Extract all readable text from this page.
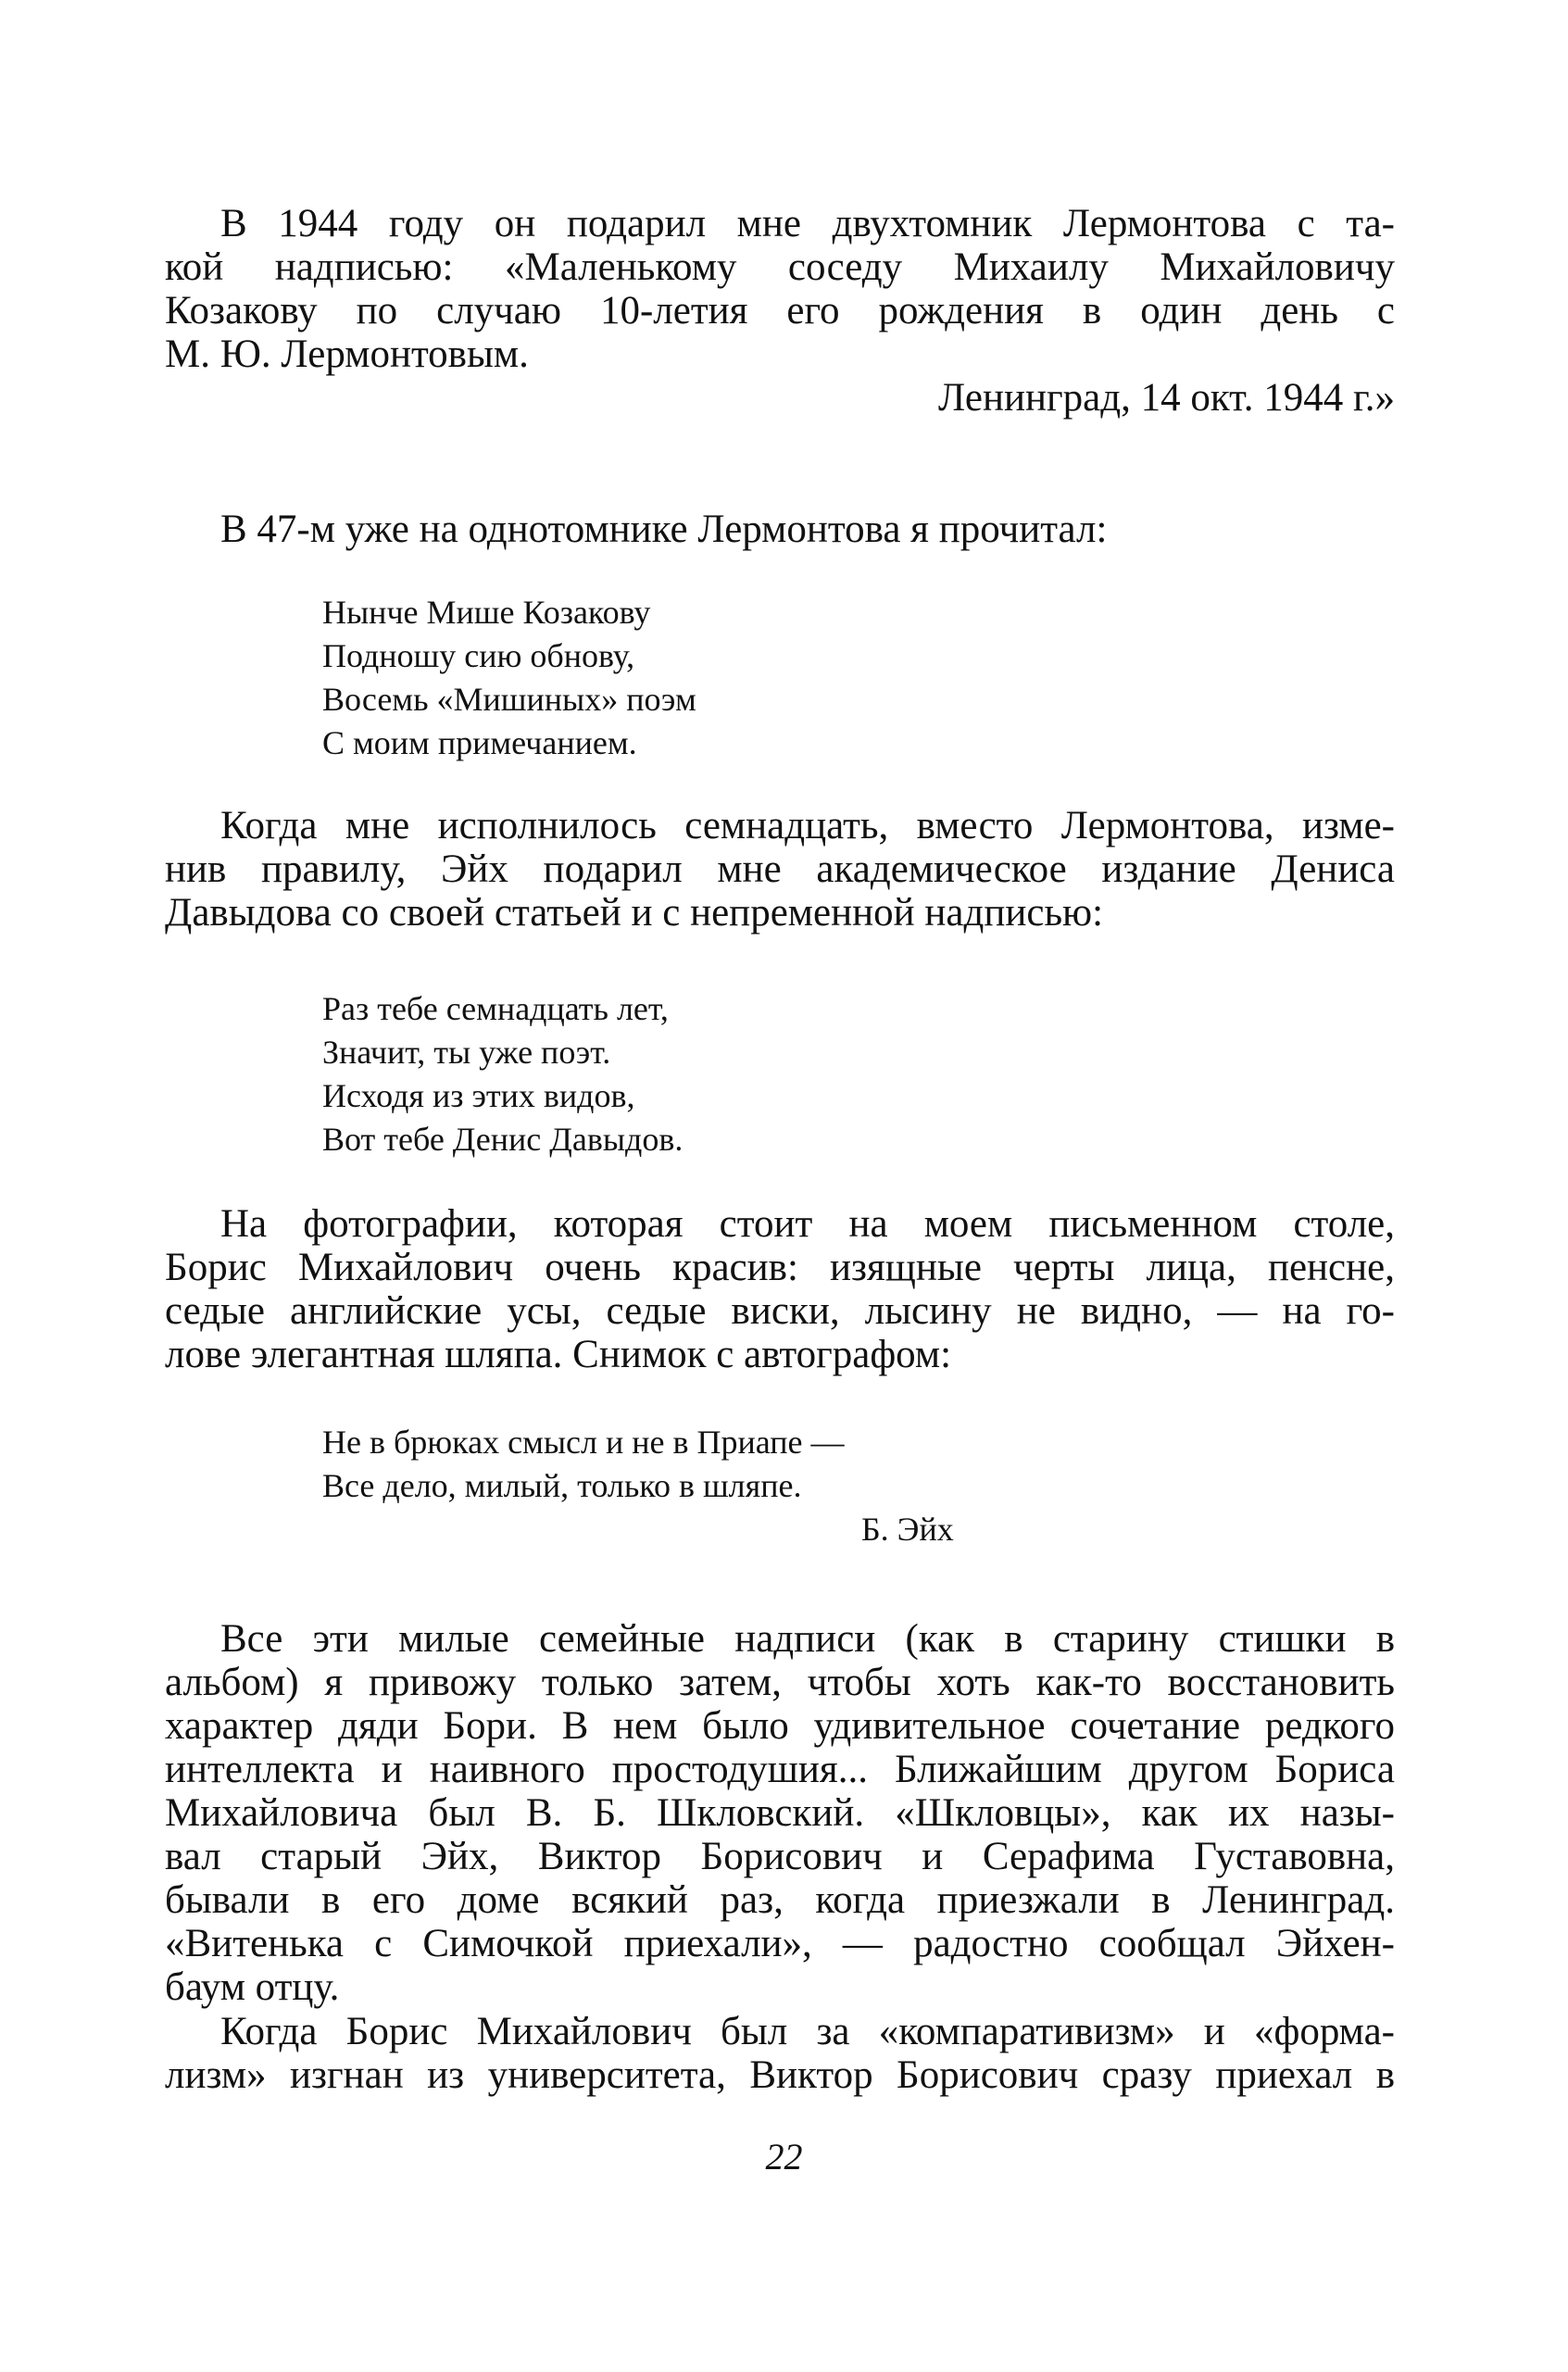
В 1944 году он подарил мне двухтомник Лермонтова с та-
кой надписью: «Маленькому соседу Михаилу Михайловичу
Козакову по случаю 10-летия его рождения в один день с
М. Ю. Лермонтовым.
Ленинград, 14 окт. 1944 г.»
В 47-м уже на однотомнике Лермонтова я прочитал:
Нынче Мише Козакову
Подношу сию обнову,
Восемь «Мишиных» поэм
С моим примечанием.
Когда мне исполнилось семнадцать, вместо Лермонтова, изме-
нив правилу, Эйх подарил мне академическое издание Дениса
Давыдова со своей статьей и с непременной надписью:
Раз тебе семнадцать лет,
Значит, ты уже поэт.
Исходя из этих видов,
Вот тебе Денис Давыдов.
На фотографии, которая стоит на моем письменном столе,
Борис Михайлович очень красив: изящные черты лица, пенсне,
седые английские усы, седые виски, лысину не видно, — на го-
лове элегантная шляпа. Снимок с автографом:
Не в брюках смысл и не в Приапе —
Все дело, милый, только в шляпе.
Б. Эйх
Все эти милые семейные надписи (как в старину стишки в
альбом) я привожу только затем, чтобы хоть как-то восстановить
характер дяди Бори. В нем было удивительное сочетание редкого
интеллекта и наивного простодушия... Ближайшим другом Бориса
Михайловича был В. Б. Шкловский. «Шкловцы», как их назы-
вал старый Эйх, Виктор Борисович и Серафима Густавовна,
бывали в его доме всякий раз, когда приезжали в Ленинград.
«Витенька с Симочкой приехали», — радостно сообщал Эйхен-
баум отцу.
Когда Борис Михайлович был за «компаративизм» и «форма-
лизм» изгнан из университета, Виктор Борисович сразу приехал в
22
